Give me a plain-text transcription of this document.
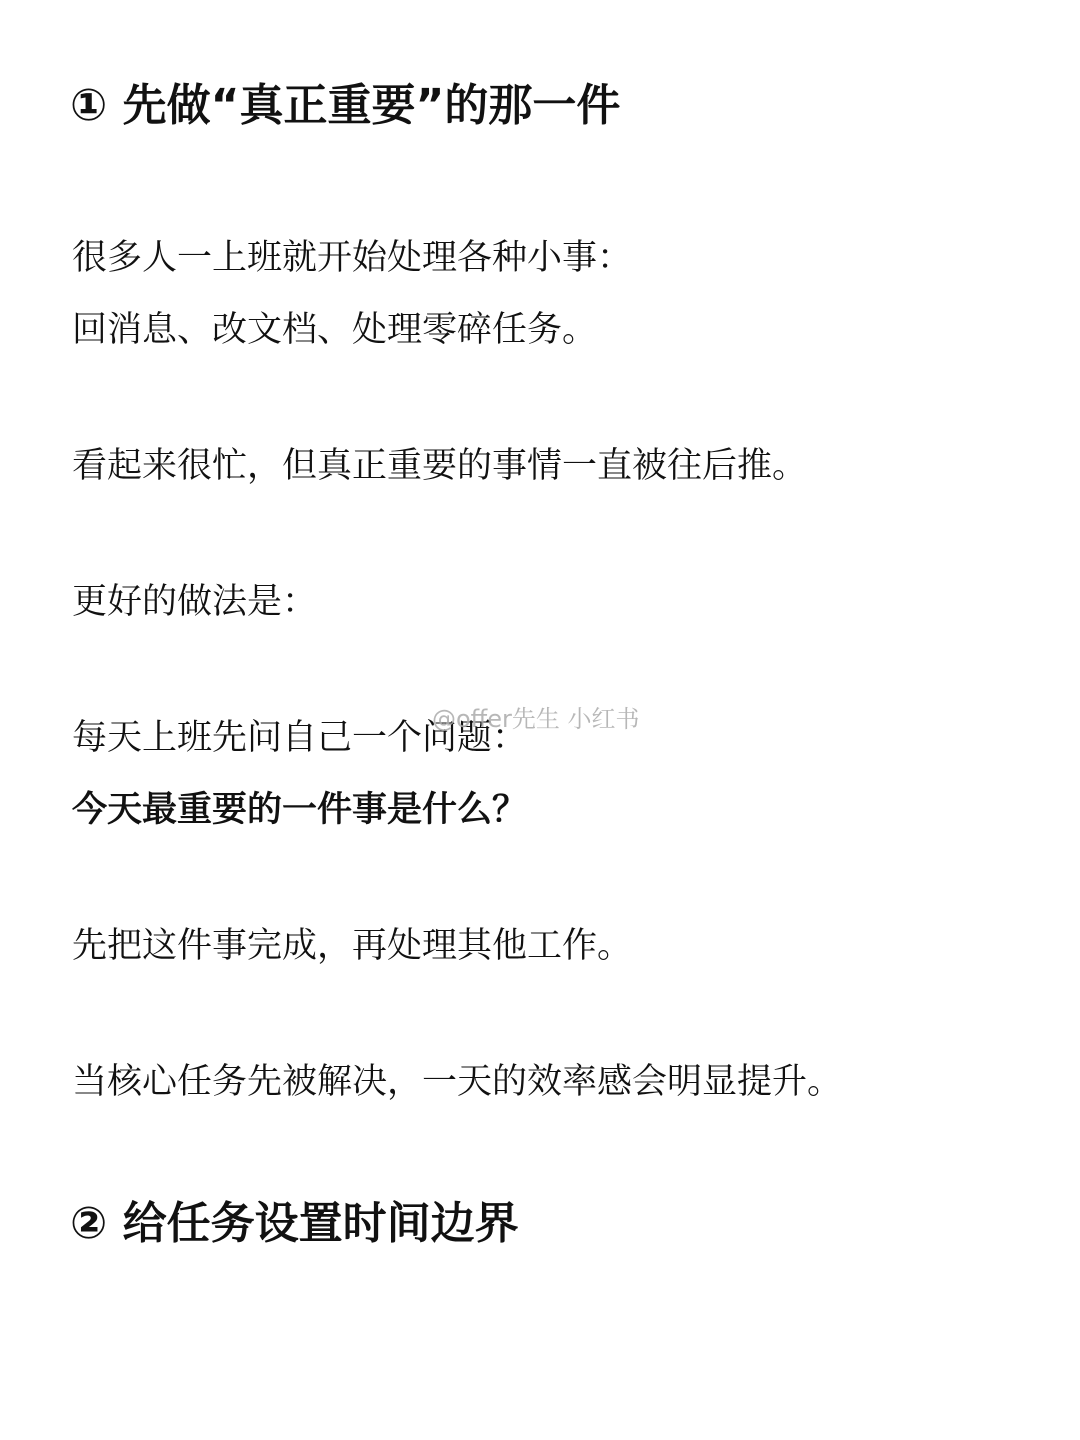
① 先做“真正重要”的那一件
很多人一上班就开始处理各种小事：
回消息、改文档、处理零碎任务。
看起来很忙，但真正重要的事情一直被往后推。
更好的做法是：
每天上班先问自己一个问题：
今天最重要的一件事是什么？
先把这件事完成，再处理其他工作。
当核心任务先被解决，一天的效率感会明显提升。
② 给任务设置时间边界
@offer先生 小红书
